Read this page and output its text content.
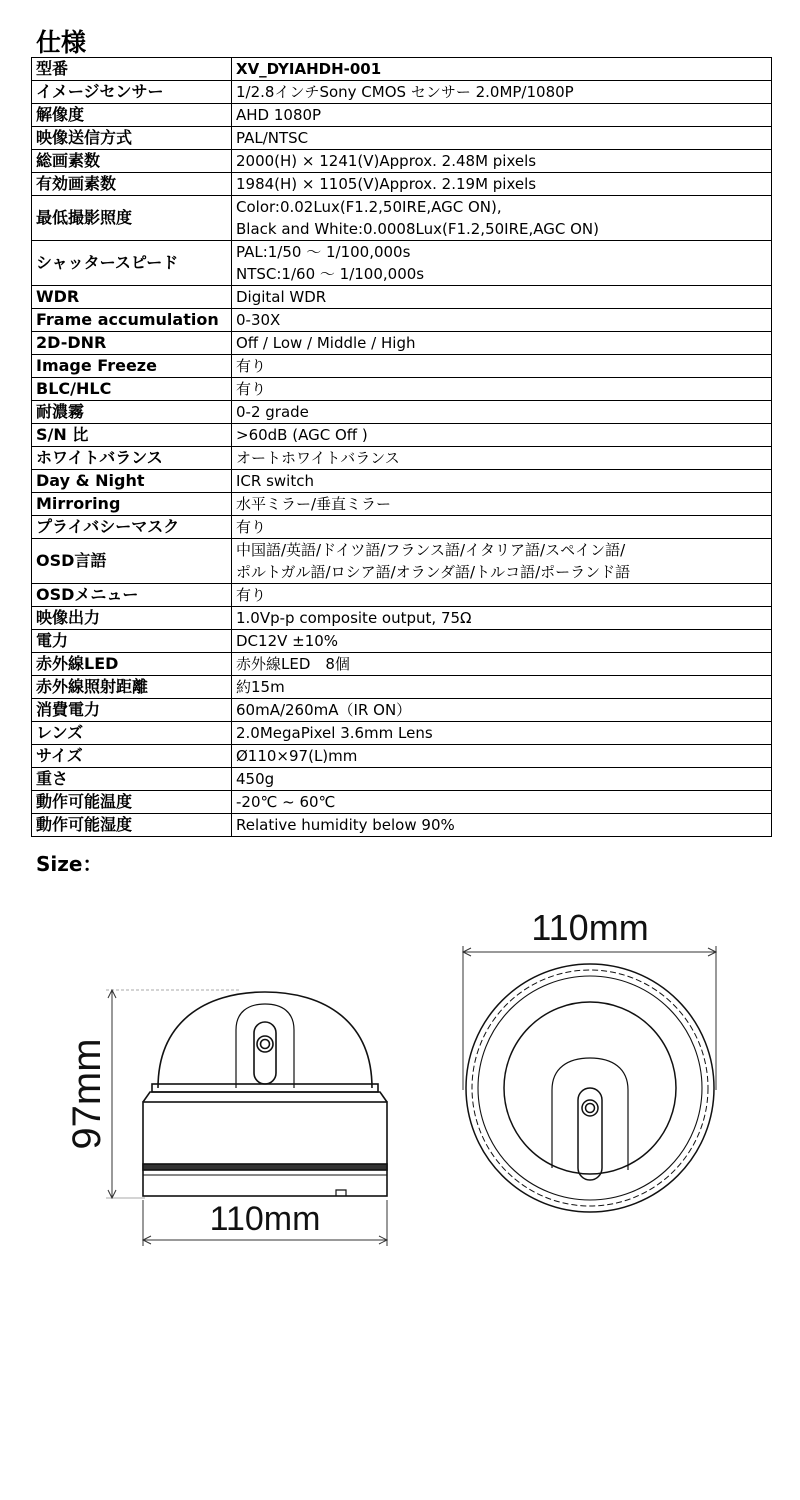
仕様
型番	XV_DYIAHDH-001

イメージセンサー	1/2.8インチSony CMOS センサー 2.0MP/1080P

解像度	AHD 1080P

映像送信方式	PAL/NTSC

総画素数	2000(H) × 1241(V)Approx. 2.48M pixels

有効画素数	1984(H) × 1105(V)Approx. 2.19M pixels

最低撮影照度	Color:0.02Lux(F1.2,50IRE,AGC ON),
Black and White:0.0008Lux(F1.2,50IRE,AGC ON)

シャッタースピード	PAL:1/50 〜 1/100,000s
NTSC:1/60 〜 1/100,000s

WDR	Digital WDR

Frame accumulation	0-30X

2D-DNR	Off / Low / Middle / High

Image Freeze	有り

BLC/HLC	有り

耐濃霧	0-2 grade

S/N 比	>60dB (AGC Off )

ホワイトバランス	オートホワイトバランス

Day & Night	ICR switch

Mirroring	水平ミラー/垂直ミラー

プライバシーマスク	有り

OSD言語	中国語/英語/ドイツ語/フランス語/イタリア語/スペイン語/
ポルトガル語/ロシア語/オランダ語/トルコ語/ポーランド語

OSDメニュー	有り

映像出力	1.0Vp-p composite output, 75Ω

電力	DC12V ±10%

赤外線LED	赤外線LED　8個

赤外線照射距離	約15m

消費電力	60mA/260mA（IR ON）

レンズ	2.0MegaPixel 3.6mm Lens

サイズ	Ø110×97(L)mm

重さ	450g

動作可能温度	-20℃ ~ 60℃

動作可能湿度	Relative humidity below 90%
Size：
97mm
110mm
110mm
